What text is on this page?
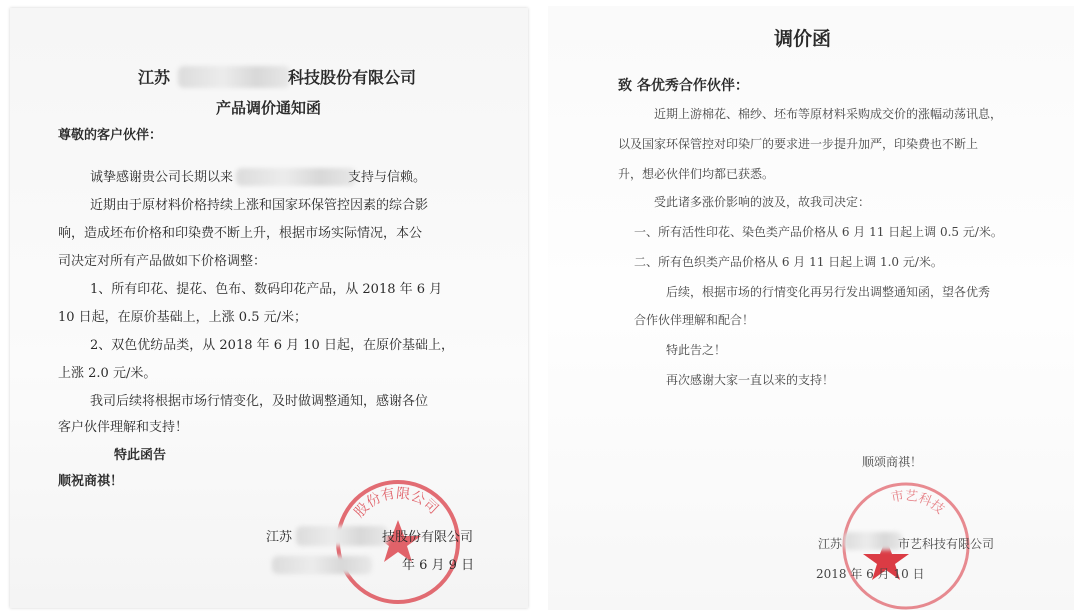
江苏	科技股份有限公司
产品调价通知函
尊敬的客户伙伴：
诚挚感谢贵公司长期以来	支持与信赖。
近期由于原材料价格持续上涨和国家环保管控因素的综合影
响，造成坯布价格和印染费不断上升，根据市场实际情况，本公
司决定对所有产品做如下价格调整：
1、所有印花、提花、色布、数码印花产品，从 2018 年 6 月
10 日起，在原价基础上，上涨 0.5 元/米；
2、双色优纺品类，从 2018 年 6 月 10 日起，在原价基础上，
上涨 2.0 元/米。
我司后续将根据市场行情变化，及时做调整通知，感谢各位
客户伙伴理解和支持！
特此函告
顺祝商祺！
股份有限公司
江苏	技股份有限公司
年 6 月 9 日
调价函
致 各优秀合作伙伴：
近期上游棉花、棉纱、坯布等原材料采购成交价的涨幅动荡讯息，
以及国家环保管控对印染厂的要求进一步提升加严，印染费也不断上
升，想必伙伴们均都已获悉。
受此诸多涨价影响的波及，故我司决定：
一、所有活性印花、染色类产品价格从 6 月 11 日起上调 0.5 元/米。
二、所有色织类产品价格从 6 月 11 日起上调 1.0 元/米。
后续，根据市场的行情变化再另行发出调整通知函，望各优秀
合作伙伴理解和配合！
特此告之！
再次感谢大家一直以来的支持！
顺颂商祺！
市艺科技
江苏	市艺科技有限公司
2018 年 6 月 10 日
